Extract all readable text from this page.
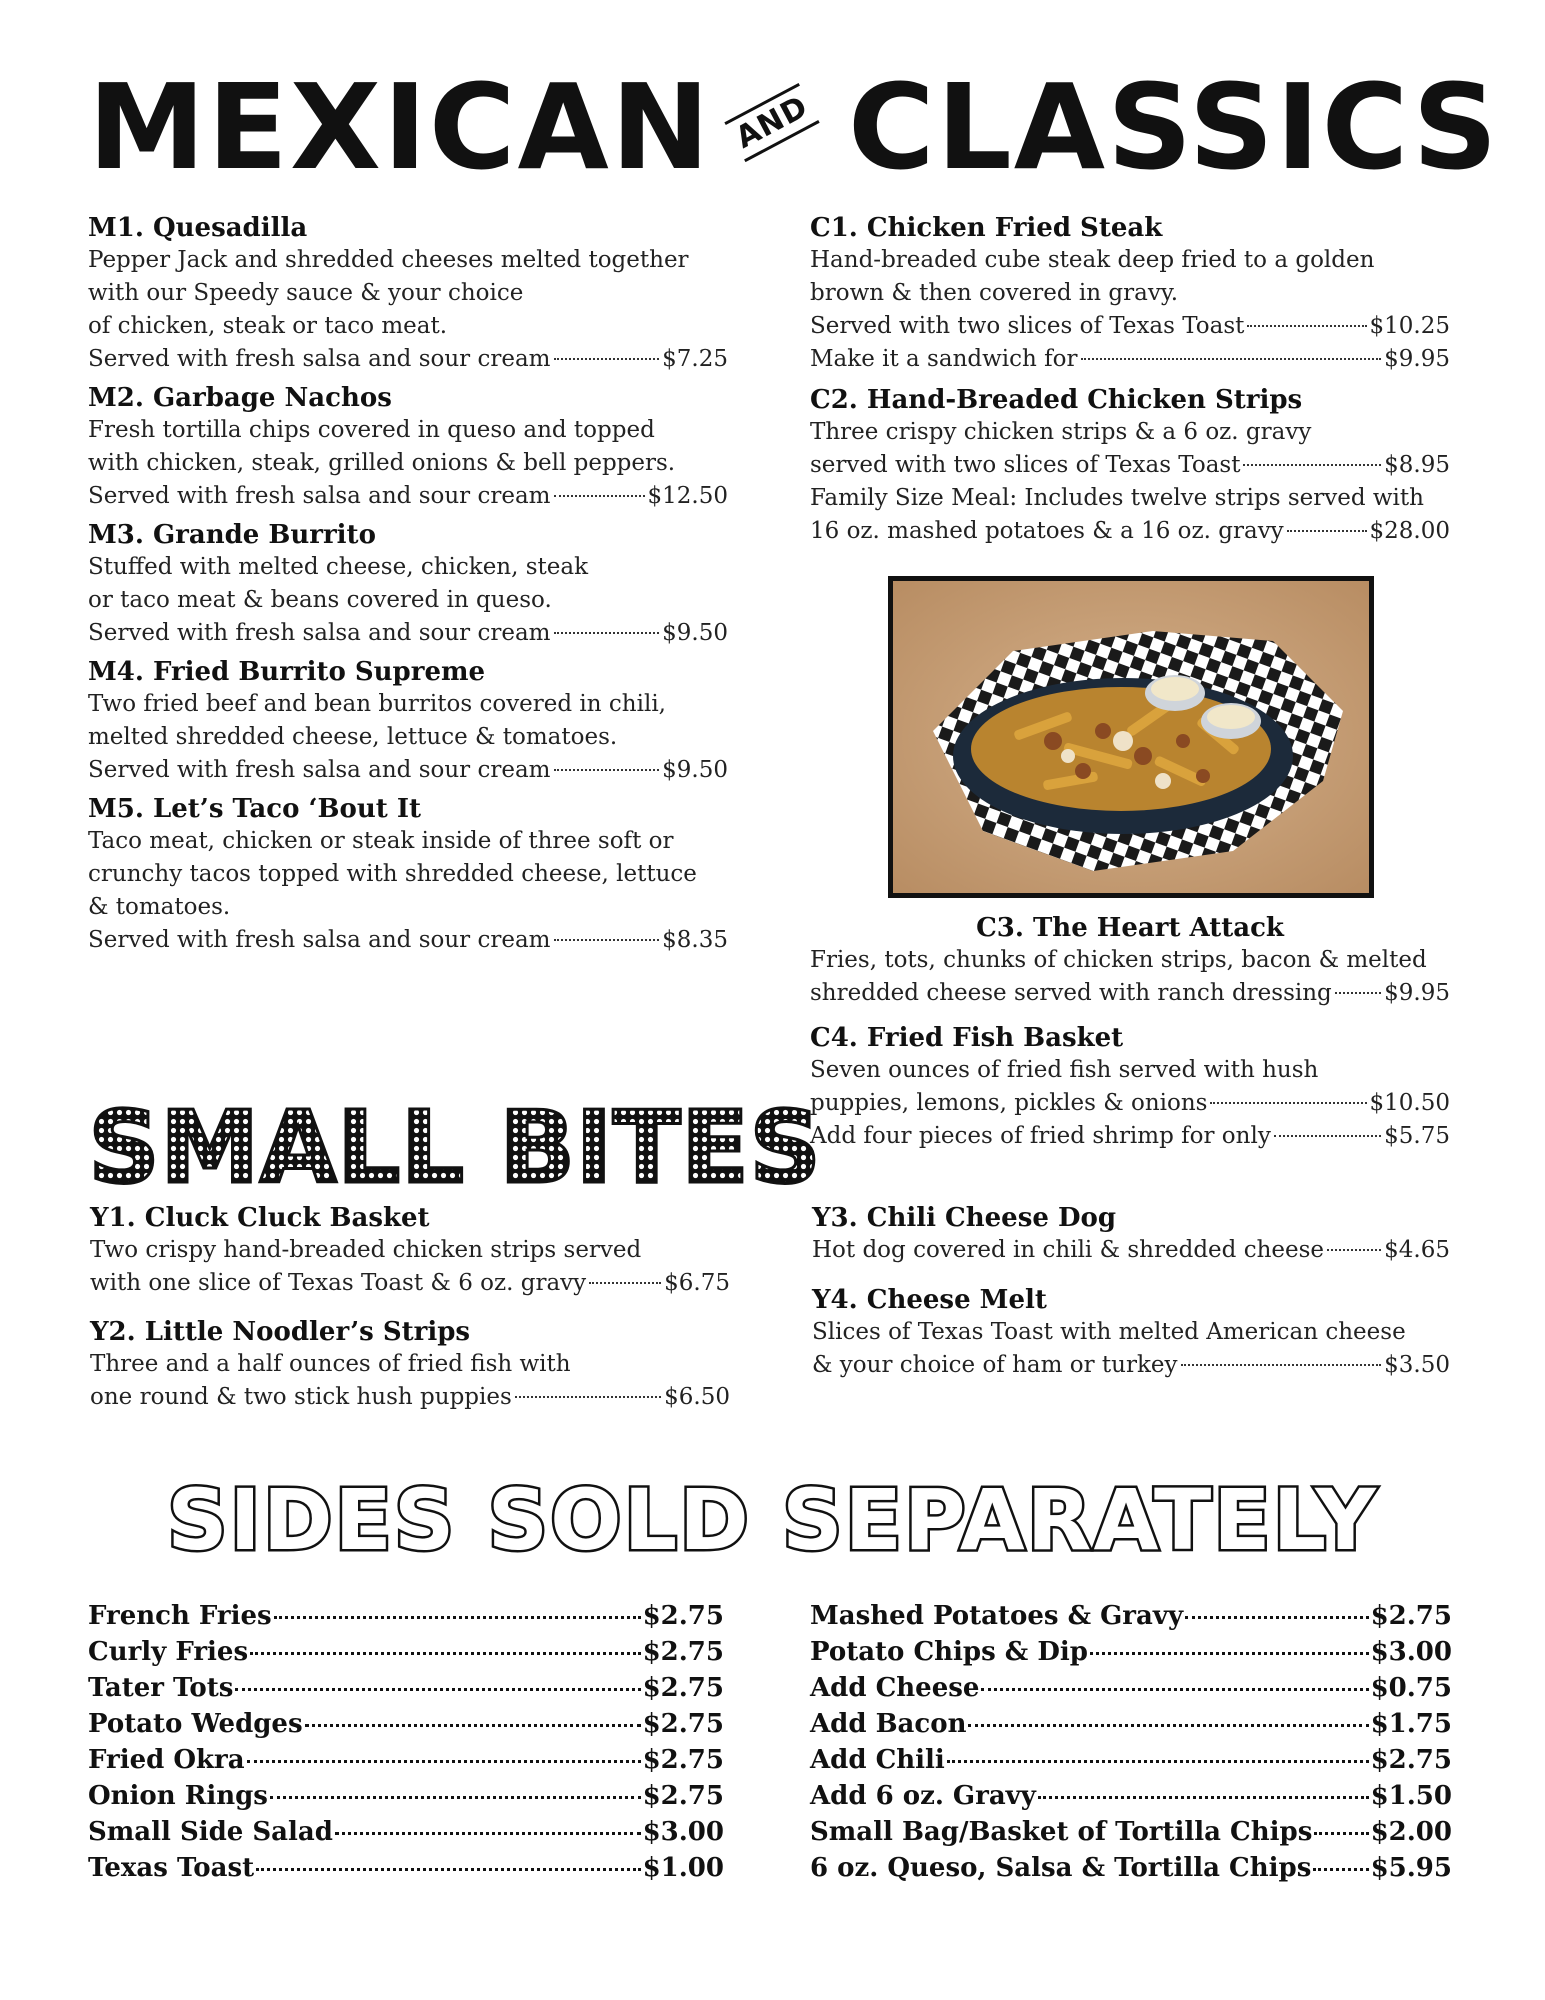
MEXICAN AND CLASSICS
M1. Quesadilla
Pepper Jack and shredded cheeses melted together
with our Speedy sauce & your choice
of chicken, steak or taco meat.
Served with fresh salsa and sour cream	$7.25
M2. Garbage Nachos
Fresh tortilla chips covered in queso and topped
with chicken, steak, grilled onions & bell peppers.
Served with fresh salsa and sour cream	$12.50
M3. Grande Burrito
Stuffed with melted cheese, chicken, steak
or taco meat & beans covered in queso.
Served with fresh salsa and sour cream	$9.50
M4. Fried Burrito Supreme
Two fried beef and bean burritos covered in chili,
melted shredded cheese, lettuce & tomatoes.
Served with fresh salsa and sour cream	$9.50
M5. Let’s Taco ‘Bout It
Taco meat, chicken or steak inside of three soft or
crunchy tacos topped with shredded cheese, lettuce
& tomatoes.
Served with fresh salsa and sour cream	$8.35
C1. Chicken Fried Steak
Hand-breaded cube steak deep fried to a golden
brown & then covered in gravy.
Served with two slices of Texas Toast	$10.25
Make it a sandwich for	$9.95
C2. Hand-Breaded Chicken Strips
Three crispy chicken strips & a 6 oz. gravy
served with two slices of Texas Toast	$8.95
Family Size Meal: Includes twelve strips served with
16 oz. mashed potatoes & a 16 oz. gravy	$28.00
C3. The Heart Attack
Fries, tots, chunks of chicken strips, bacon & melted
shredded cheese served with ranch dressing $9.95
C4. Fried Fish Basket
Seven ounces of fried fish served with hush
puppies, lemons, pickles & onions	$10.50
Add four pieces of fried shrimp for only	$5.75
SMALL BITES
Y1. Cluck Cluck Basket
Two crispy hand-breaded chicken strips served
with one slice of Texas Toast & 6 oz. gravy	$6.75
Y2. Little Noodler’s Strips
Three and a half ounces of fried fish with
one round & two stick hush puppies	$6.50
Y3. Chili Cheese Dog
Hot dog covered in chili & shredded cheese	$4.65
Y4. Cheese Melt
Slices of Texas Toast with melted American cheese
& your choice of ham or turkey	$3.50
SIDES SOLD SEPARATELY
French Fries	$2.75
Curly Fries	$2.75
Tater Tots	$2.75
Potato Wedges	$2.75
Fried Okra	$2.75
Onion Rings	$2.75
Small Side Salad	$3.00
Texas Toast	$1.00
Mashed Potatoes & Gravy	$2.75
Potato Chips & Dip	$3.00
Add Cheese	$0.75
Add Bacon	$1.75
Add Chili	$2.75
Add 6 oz. Gravy	$1.50
Small Bag/Basket of Tortilla Chips $2.00
6 oz. Queso, Salsa & Tortilla Chips $5.95
